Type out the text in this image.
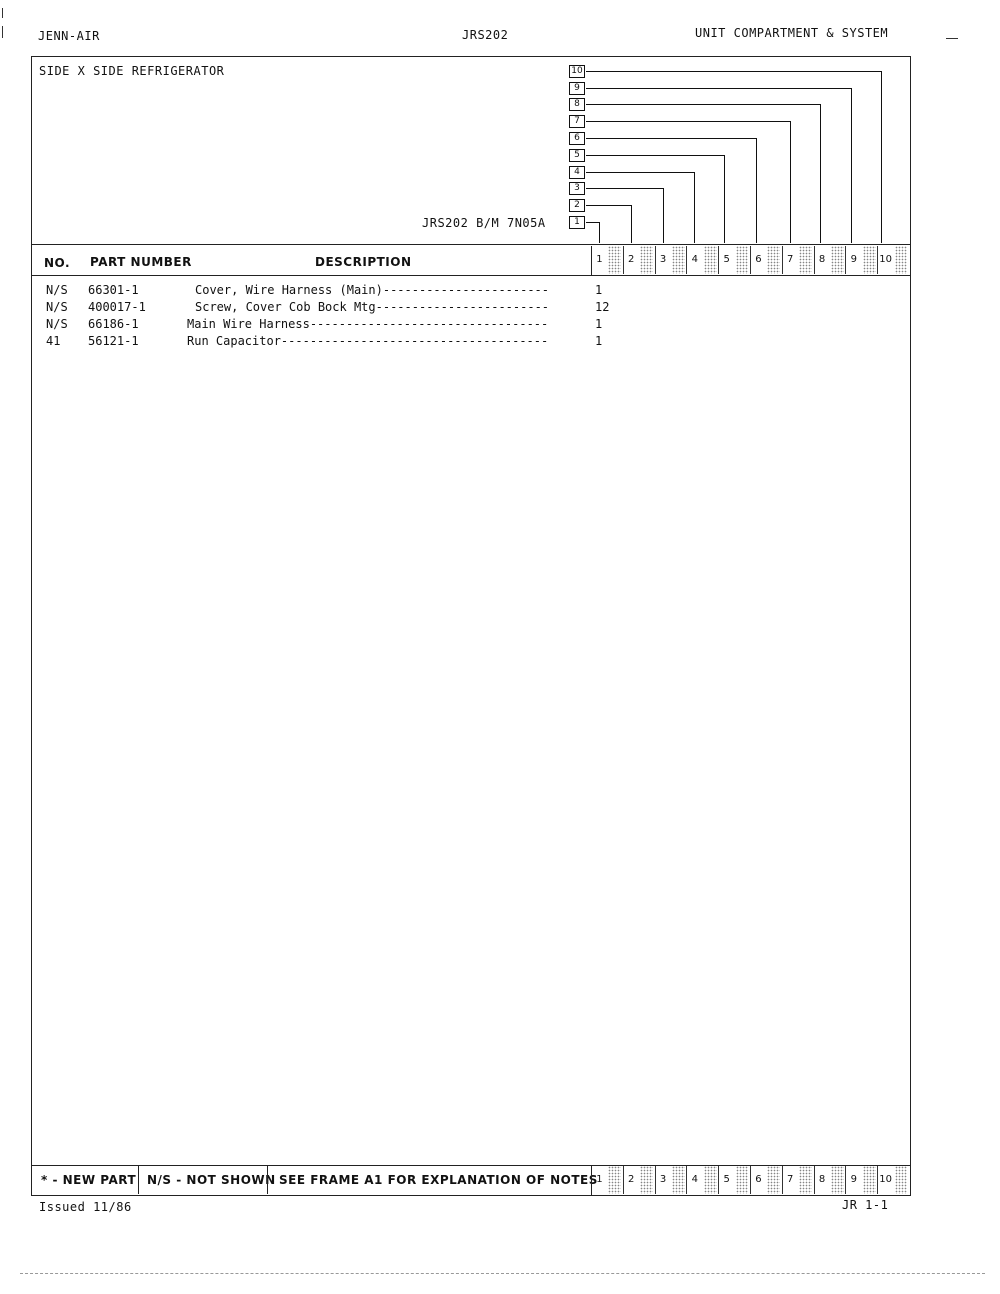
JENN-AIR	JRS202	UNIT COMPARTMENT & SYSTEM
SIDE X SIDE REFRIGERATOR
JRS202 B/M 7N05A	1
2
3
4
5
6
7
8
9
10
NO. PART NUMBER	DESCRIPTION	1	2	3	4	5	6	7	8	9	10
N/S 66301-1	Cover, Wire Harness (Main)-----------------------	1
N/S 400017-1	Screw, Cover Cob Bock Mtg------------------------	12
N/S 66186-1	Main Wire Harness---------------------------------	1
41 56121-1	Run Capacitor-------------------------------------	1
* - NEW PART N/S - NOT SHOWN SEE FRAME A1 FOR EXPLANATION OF NOTES
1	2	3	4	5	6	7	8	9	10
Issued 11/86	JR 1-1
